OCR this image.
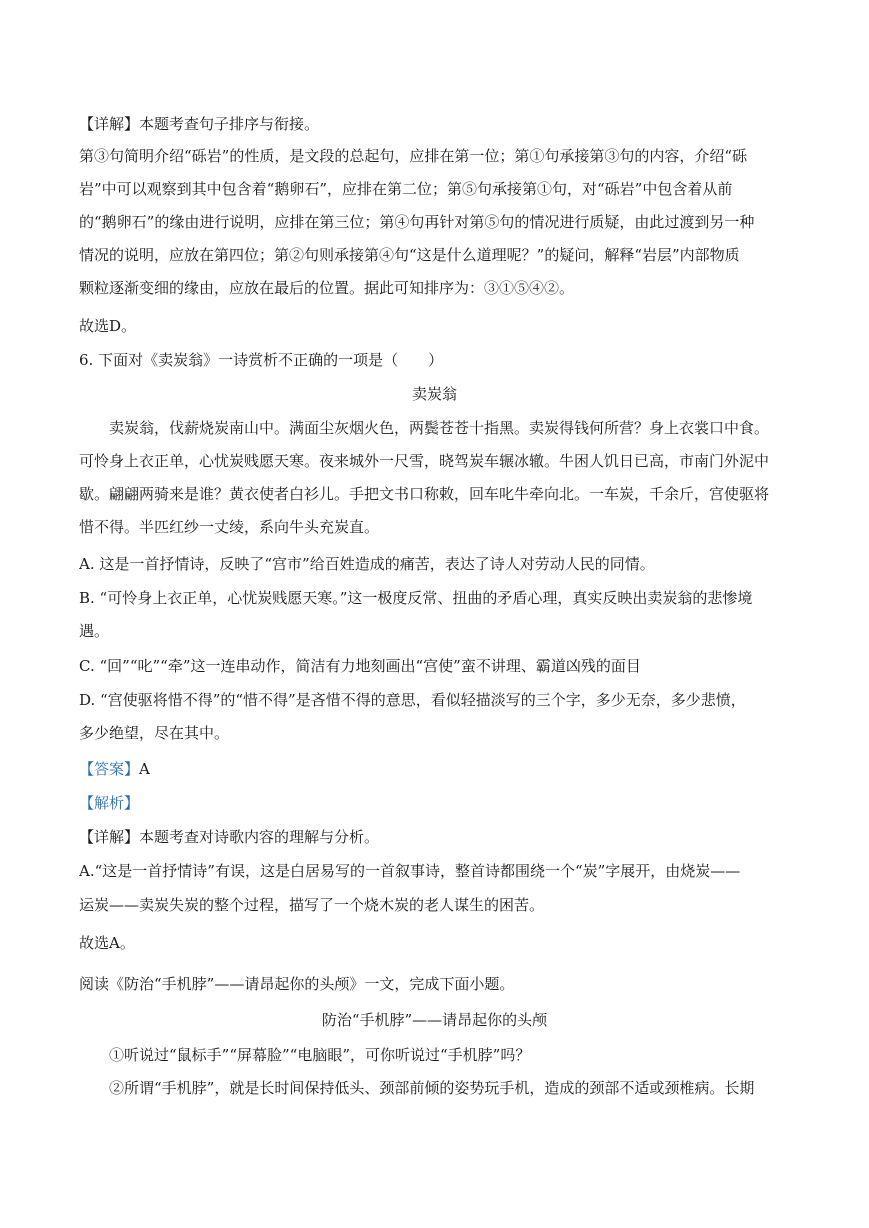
【详解】本题考查句子排序与衔接。
第③句简明介绍“砾岩”的性质，是文段的总起句，应排在第一位；第①句承接第③句的内容，介绍“砾
岩”中可以观察到其中包含着“鹅卵石”，应排在第二位；第⑤句承接第①句，对“砾岩”中包含着从前
的“鹅卵石”的缘由进行说明，应排在第三位；第④句再针对第⑤句的情况进行质疑，由此过渡到另一种
情况的说明，应放在第四位；第②句则承接第④句“这是什么道理呢？”的疑问，解释“岩层”内部物质
颗粒逐渐变细的缘由，应放在最后的位置。据此可知排序为：③①⑤④②。
故选D。
6. 下面对《卖炭翁》一诗赏析不正确的一项是（　　）
卖炭翁
卖炭翁，伐薪烧炭南山中。满面尘灰烟火色，两鬓苍苍十指黑。卖炭得钱何所营？身上衣裳口中食。
可怜身上衣正单，心忧炭贱愿天寒。夜来城外一尺雪，晓驾炭车辗冰辙。牛困人饥日已高，市南门外泥中
歇。翩翩两骑来是谁？黄衣使者白衫儿。手把文书口称敕，回车叱牛牵向北。一车炭，千余斤，宫使驱将
惜不得。半匹红纱一丈绫，系向牛头充炭直。
A. 这是一首抒情诗，反映了“宫市”给百姓造成的痛苦，表达了诗人对劳动人民的同情。
B. “可怜身上衣正单，心忧炭贱愿天寒。”这一极度反常、扭曲的矛盾心理，真实反映出卖炭翁的悲惨境
遇。
C. “回”“叱”“牵”这一连串动作，简洁有力地刻画出“宫使”蛮不讲理、霸道凶残的面目
D. “宫使驱将惜不得”的“惜不得”是吝惜不得的意思，看似轻描淡写的三个字，多少无奈，多少悲愤，
多少绝望，尽在其中。
【答案】A
【解析】
【详解】本题考查对诗歌内容的理解与分析。
A.“这是一首抒情诗”有误，这是白居易写的一首叙事诗，整首诗都围绕一个“炭”字展开，由烧炭——
运炭——卖炭失炭的整个过程，描写了一个烧木炭的老人谋生的困苦。
故选A。
阅读《防治“手机脖”——请昂起你的头颅》一文，完成下面小题。
防治“手机脖”——请昂起你的头颅
①听说过“鼠标手”“屏幕脸”“电脑眼”，可你听说过“手机脖”吗？
②所谓“手机脖”，就是长时间保持低头、颈部前倾的姿势玩手机，造成的颈部不适或颈椎病。长期
